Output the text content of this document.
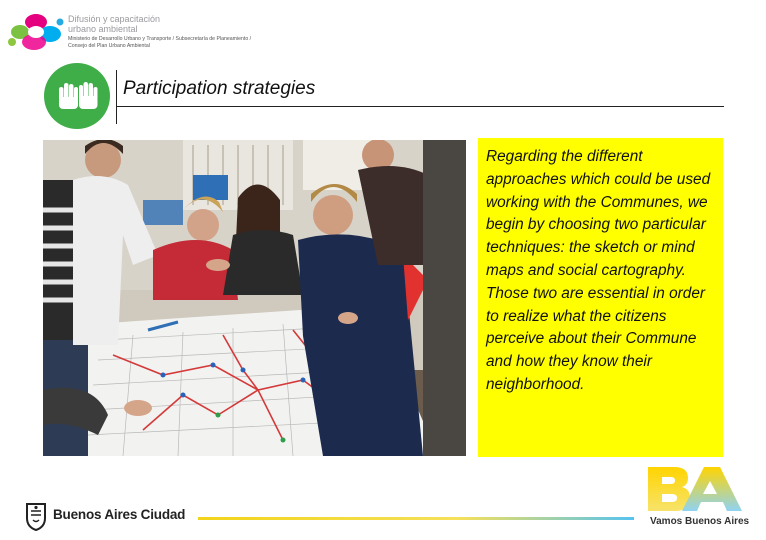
Difusión y capacitación
urbano ambiental
Ministerio de Desarrollo Urbano y Transporte / Subsecretaría de Planeamiento /
Consejo del Plan Urbano Ambiental
Participation strategies

Regarding the different approaches which could be used working with the Communes, we begin by choosing two particular techniques: the sketch or mind maps and social cartography. Those two are essential in order to realize what the citizens perceive about their Commune and how they know their neighborhood.

Buenos Aires Ciudad	Vamos Buenos Aires
